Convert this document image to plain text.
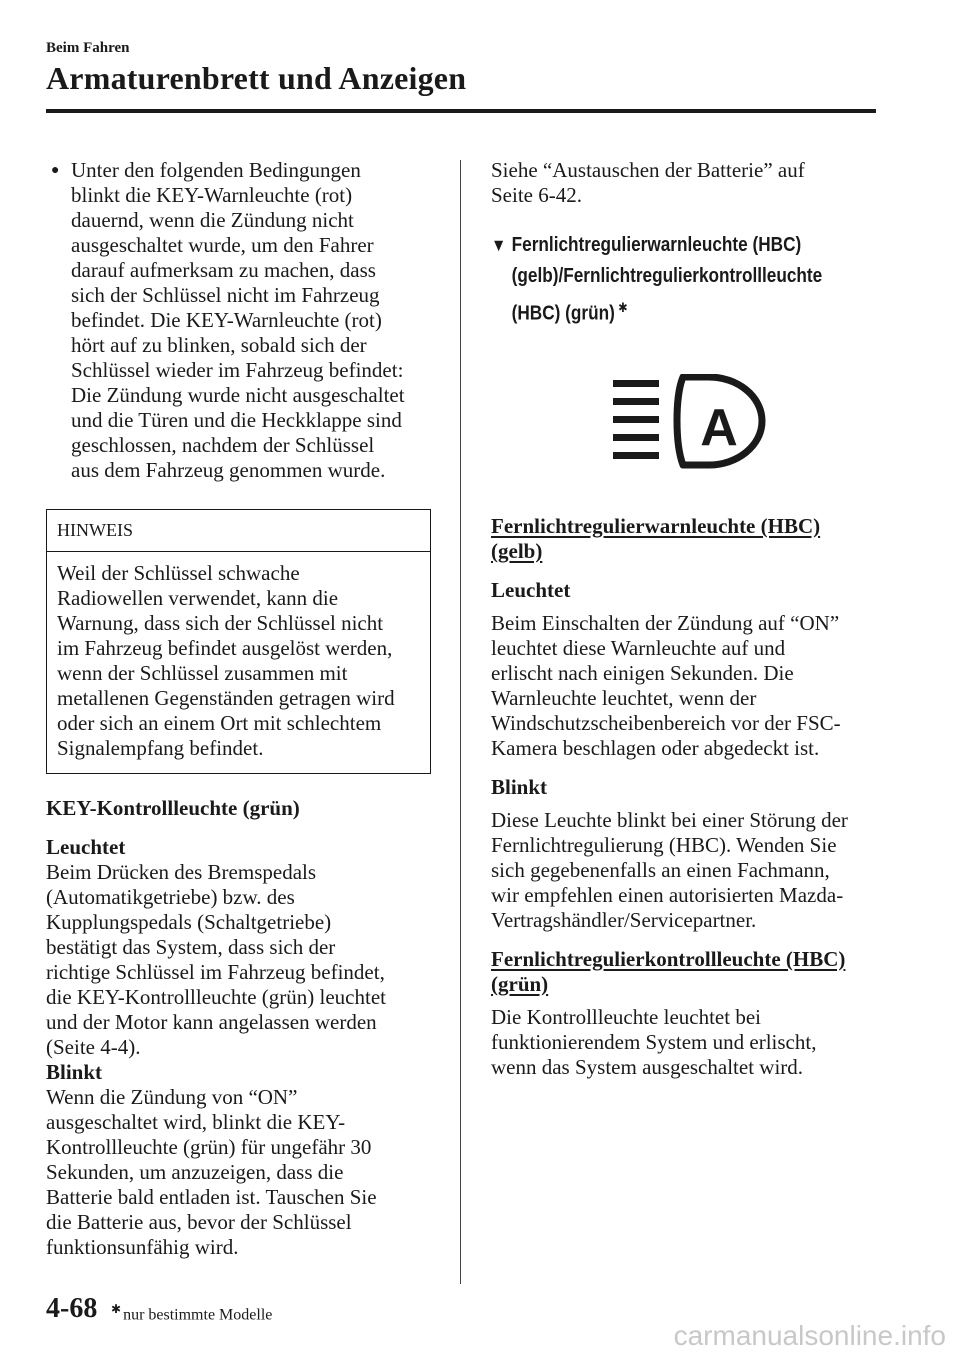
Beim Fahren
Armaturenbrett und Anzeigen
● Unter den folgenden Bedingungen
blinkt die KEY-Warnleuchte (rot)
dauernd, wenn die Zündung nicht
ausgeschaltet wurde, um den Fahrer
darauf aufmerksam zu machen, dass
sich der Schlüssel nicht im Fahrzeug
befindet. Die KEY-Warnleuchte (rot)
hört auf zu blinken, sobald sich der
Schlüssel wieder im Fahrzeug befindet:
Die Zündung wurde nicht ausgeschaltet
und die Türen und die Heckklappe sind
geschlossen, nachdem der Schlüssel
aus dem Fahrzeug genommen wurde.
HINWEIS
Weil der Schlüssel schwache
Radiowellen verwendet, kann die
Warnung, dass sich der Schlüssel nicht
im Fahrzeug befindet ausgelöst werden,
wenn der Schlüssel zusammen mit
metallenen Gegenständen getragen wird
oder sich an einem Ort mit schlechtem
Signalempfang befindet.
KEY-Kontrollleuchte (grün)
Leuchtet
Beim Drücken des Bremspedals
(Automatikgetriebe) bzw. des
Kupplungspedals (Schaltgetriebe)
bestätigt das System, dass sich der
richtige Schlüssel im Fahrzeug befindet,
die KEY-Kontrollleuchte (grün) leuchtet
und der Motor kann angelassen werden
(Seite 4-4).
Blinkt
Wenn die Zündung von “ON”
ausgeschaltet wird, blinkt die KEY-
Kontrollleuchte (grün) für ungefähr 30
Sekunden, um anzuzeigen, dass die
Batterie bald entladen ist. Tauschen Sie
die Batterie aus, bevor der Schlüssel
funktionsunfähig wird.
Siehe “Austauschen der Batterie” auf
Seite 6-42.
▼ Fernlichtregulierwarnleuchte (HBC)
(gelb)/Fernlichtregulierkontrollleuchte
(HBC) (grün) ✱
A
Fernlichtregulierwarnleuchte (HBC)
(gelb)
Leuchtet
Beim Einschalten der Zündung auf “ON”
leuchtet diese Warnleuchte auf und
erlischt nach einigen Sekunden. Die
Warnleuchte leuchtet, wenn der
Windschutzscheibenbereich vor der FSC-
Kamera beschlagen oder abgedeckt ist.
Blinkt
Diese Leuchte blinkt bei einer Störung der
Fernlichtregulierung (HBC). Wenden Sie
sich gegebenenfalls an einen Fachmann,
wir empfehlen einen autorisierten Mazda-
Vertragshändler/Servicepartner.
Fernlichtregulierkontrollleuchte (HBC)
(grün)
Die Kontrollleuchte leuchtet bei
funktionierendem System und erlischt,
wenn das System ausgeschaltet wird.
4-68 ✱ nur bestimmte Modelle
carmanualsonline.info
